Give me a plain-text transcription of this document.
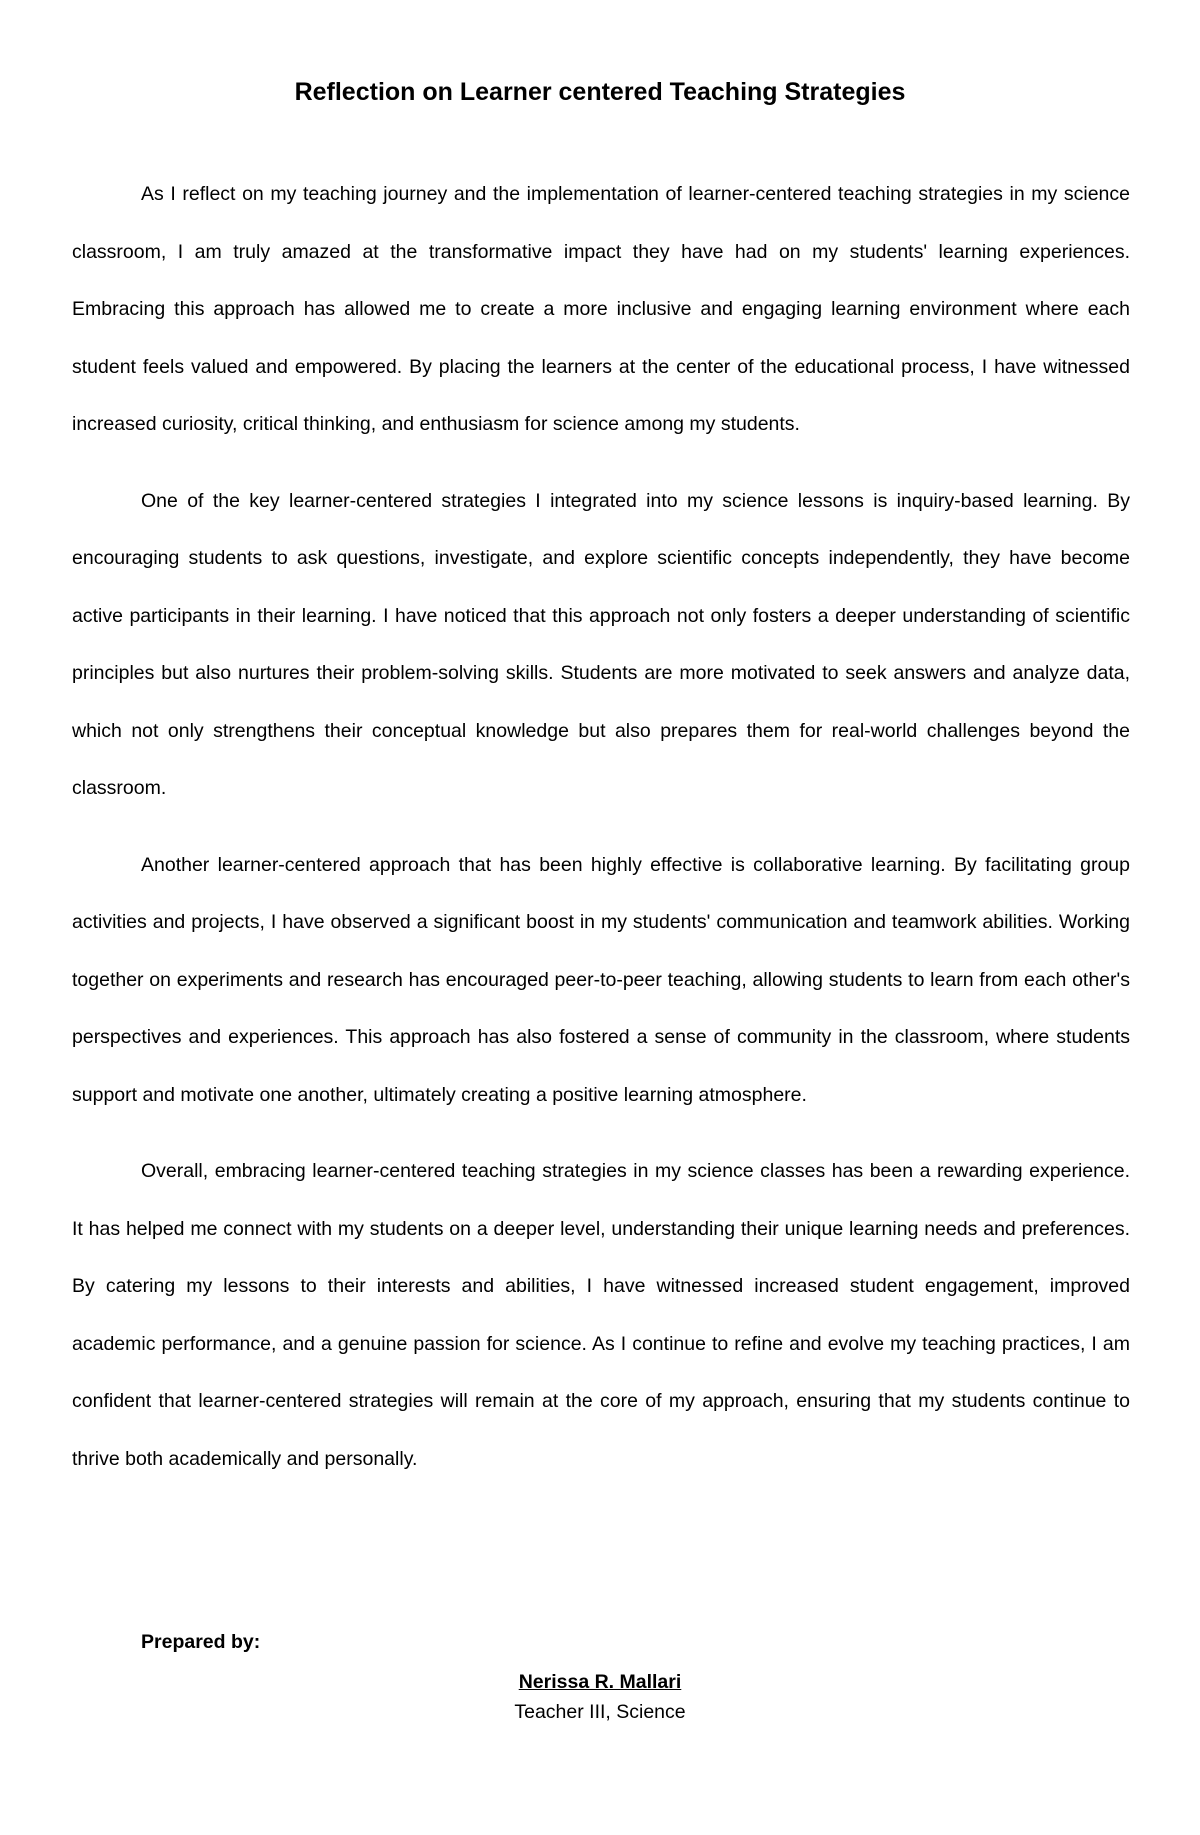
Reflection on Learner centered Teaching Strategies

As I reflect on my teaching journey and the implementation of learner-centered teaching strategies in my science classroom, I am truly amazed at the transformative impact they have had on my students' learning experiences. Embracing this approach has allowed me to create a more inclusive and engaging learning environment where each student feels valued and empowered. By placing the learners at the center of the educational process, I have witnessed increased curiosity, critical thinking, and enthusiasm for science among my students.

One of the key learner-centered strategies I integrated into my science lessons is inquiry-based learning. By encouraging students to ask questions, investigate, and explore scientific concepts independently, they have become active participants in their learning. I have noticed that this approach not only fosters a deeper understanding of scientific principles but also nurtures their problem-solving skills. Students are more motivated to seek answers and analyze data, which not only strengthens their conceptual knowledge but also prepares them for real-world challenges beyond the classroom.

Another learner-centered approach that has been highly effective is collaborative learning. By facilitating group activities and projects, I have observed a significant boost in my students' communication and teamwork abilities. Working together on experiments and research has encouraged peer-to-peer teaching, allowing students to learn from each other's perspectives and experiences. This approach has also fostered a sense of community in the classroom, where students support and motivate one another, ultimately creating a positive learning atmosphere.

Overall, embracing learner-centered teaching strategies in my science classes has been a rewarding experience. It has helped me connect with my students on a deeper level, understanding their unique learning needs and preferences. By catering my lessons to their interests and abilities, I have witnessed increased student engagement, improved academic performance, and a genuine passion for science. As I continue to refine and evolve my teaching practices, I am confident that learner-centered strategies will remain at the core of my approach, ensuring that my students continue to thrive both academically and personally.

Prepared by:

Nerissa R. Mallari
Teacher III, Science
